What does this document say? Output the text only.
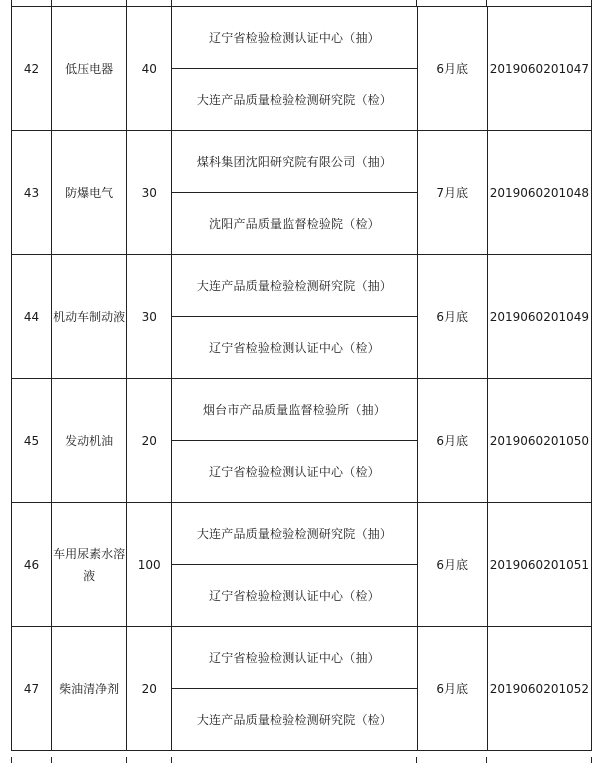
42	低压电器	40	辽宁省检验检测认证中心（抽）	6月底	2019060201047
			大连产品质量检验检测研究院（检）		
43	防爆电气	30	煤科集团沈阳研究院有限公司（抽）	7月底	2019060201048
			沈阳产品质量监督检验院（检）		
44	机动车制动液	30	大连产品质量检验检测研究院（抽）	6月底	2019060201049
			辽宁省检验检测认证中心（检）		
45	发动机油	20	烟台市产品质量监督检验所（抽）	6月底	2019060201050
			辽宁省检验检测认证中心（检）		
46	车用尿素水溶液	100	大连产品质量检验检测研究院（抽）	6月底	2019060201051
			辽宁省检验检测认证中心（检）		
47	柴油清净剂	20	辽宁省检验检测认证中心（抽）	6月底	2019060201052
			大连产品质量检验检测研究院（检）		
